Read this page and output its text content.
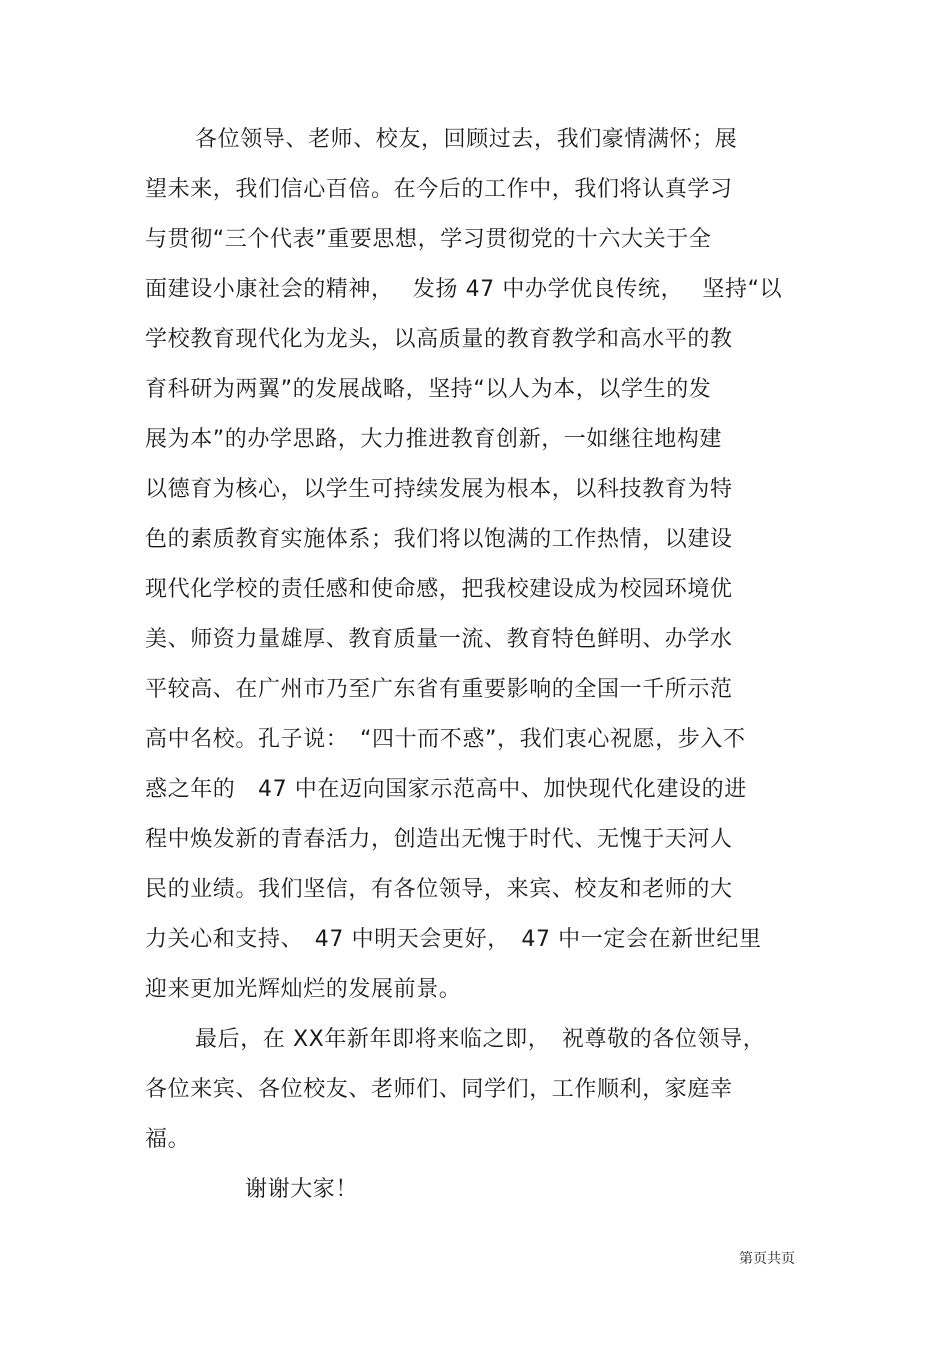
各位领导、老师、校友，回顾过去，我们豪情满怀；展
望未来，我们信心百倍。在今后的工作中，我们将认真学习
与贯彻“三个代表”重要思想，学习贯彻党的十六大关于全
面建设小康社会的精神，　 发扬 47 中办学优良传统，　 坚持“以
学校教育现代化为龙头，以高质量的教育教学和高水平的教
育科研为两翼”的发展战略，坚持“以人为本，以学生的发
展为本”的办学思路，大力推进教育创新，一如继往地构建
以德育为核心，以学生可持续发展为根本，以科技教育为特
色的素质教育实施体系；我们将以饱满的工作热情，以建设
现代化学校的责任感和使命感，把我校建设成为校园环境优
美、师资力量雄厚、教育质量一流、教育特色鲜明、办学水
平较高、在广州市乃至广东省有重要影响的全国一千所示范
高中名校。孔子说：　“四十而不惑”，我们衷心祝愿，步入不
惑之年的　47 中在迈向国家示范高中、加快现代化建设的进
程中焕发新的青春活力，创造出无愧于时代、无愧于天河人
民的业绩。我们坚信，有各位领导，来宾、校友和老师的大
力关心和支持、　47 中明天会更好，　47 中一定会在新世纪里
迎来更加光辉灿烂的发展前景。
最后，在 XX年新年即将来临之即，　祝尊敬的各位领导，
各位来宾、各位校友、老师们、同学们，工作顺利，家庭幸
福。
谢谢大家！
第页共页
